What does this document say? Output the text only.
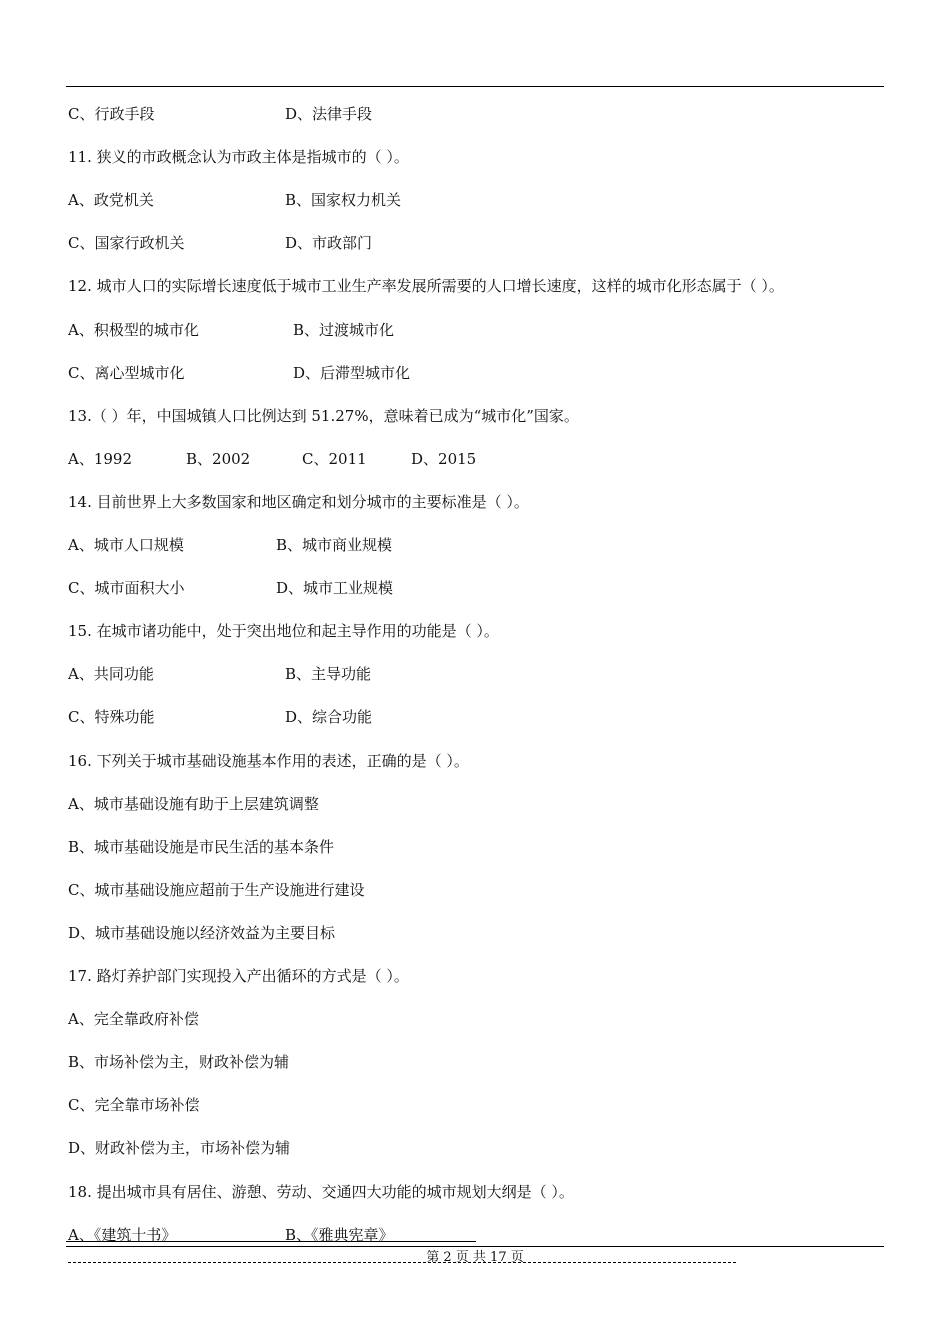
C、行政手段	D、法律手段
11. 狭义的市政概念认为市政主体是指城市的（ ）。
A、政党机关	B、国家权力机关
C、国家行政机关	D、市政部门
12. 城市人口的实际增长速度低于城市工业生产率发展所需要的人口增长速度，这样的城市化形态属于（ ）。
A、积极型的城市化	B、过渡城市化
C、离心型城市化	D、后滞型城市化
13.（ ）年，中国城镇人口比例达到 51.27%，意味着已成为“城市化”国家。
A、1992	B、2002	C、2011	D、2015
14. 目前世界上大多数国家和地区确定和划分城市的主要标准是（ ）。
A、城市人口规模	B、城市商业规模
C、城市面积大小	D、城市工业规模
15. 在城市诸功能中，处于突出地位和起主导作用的功能是（ ）。
A、共同功能	B、主导功能
C、特殊功能	D、综合功能
16. 下列关于城市基础设施基本作用的表述，正确的是（ ）。
A、城市基础设施有助于上层建筑调整
B、城市基础设施是市民生活的基本条件
C、城市基础设施应超前于生产设施进行建设
D、城市基础设施以经济效益为主要目标
17. 路灯养护部门实现投入产出循环的方式是（ ）。
A、完全靠政府补偿
B、市场补偿为主，财政补偿为辅
C、完全靠市场补偿
D、财政补偿为主，市场补偿为辅
18. 提出城市具有居住、游憩、劳动、交通四大功能的城市规划大纲是（ ）。
A、《建筑十书》	B、《雅典宪章》
第 2 页 共 17 页
